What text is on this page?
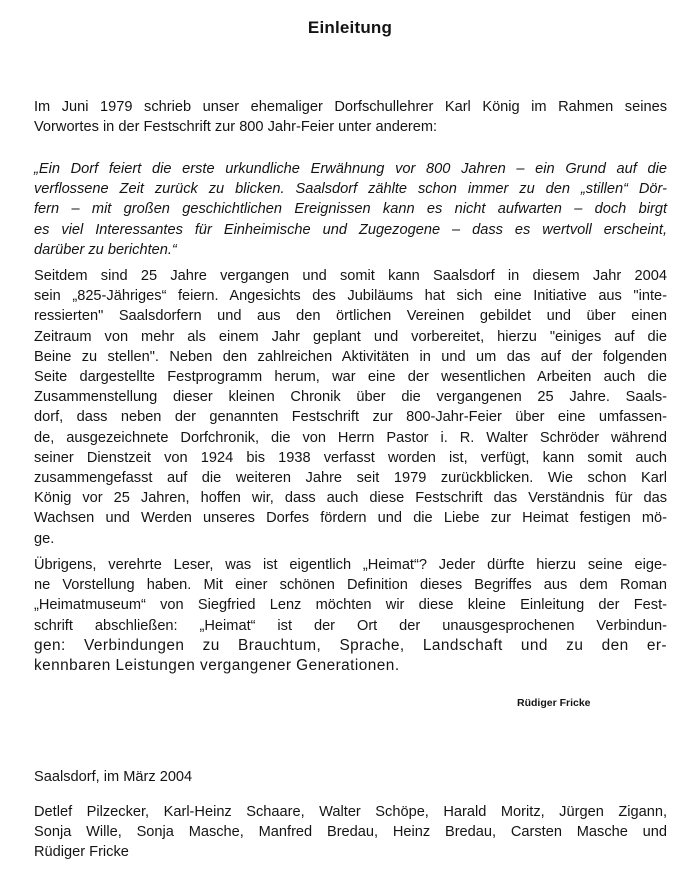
Einleitung
Im Juni 1979 schrieb unser ehemaliger Dorfschullehrer Karl König im Rahmen seines
Vorwortes in der Festschrift zur 800 Jahr-Feier unter anderem:
„Ein Dorf feiert die erste urkundliche Erwähnung vor 800 Jahren – ein Grund auf die
verflossene Zeit zurück zu blicken. Saalsdorf zählte schon immer zu den „stillen“ Dör-
fern – mit großen geschichtlichen Ereignissen kann es nicht aufwarten – doch birgt
es viel Interessantes für Einheimische und Zugezogene – dass es wertvoll erscheint,
darüber zu berichten.“
Seitdem sind 25 Jahre vergangen und somit kann Saalsdorf in diesem Jahr 2004
sein „825-Jähriges“ feiern. Angesichts des Jubiläums hat sich eine Initiative aus "inte-
ressierten" Saalsdorfern und aus den örtlichen Vereinen gebildet und über einen
Zeitraum von mehr als einem Jahr geplant und vorbereitet, hierzu "einiges auf die
Beine zu stellen". Neben den zahlreichen Aktivitäten in und um das auf der folgenden
Seite dargestellte Festprogramm herum, war eine der wesentlichen Arbeiten auch die
Zusammenstellung dieser kleinen Chronik über die vergangenen 25 Jahre. Saals-
dorf, dass neben der genannten Festschrift zur 800-Jahr-Feier über eine umfassen-
de, ausgezeichnete Dorfchronik, die von Herrn Pastor i. R. Walter Schröder während
seiner Dienstzeit von 1924 bis 1938 verfasst worden ist, verfügt, kann somit auch
zusammengefasst auf die weiteren Jahre seit 1979 zurückblicken. Wie schon Karl
König vor 25 Jahren, hoffen wir, dass auch diese Festschrift das Verständnis für das
Wachsen und Werden unseres Dorfes fördern und die Liebe zur Heimat festigen mö-
ge.
Übrigens, verehrte Leser, was ist eigentlich „Heimat“? Jeder dürfte hierzu seine eige-
ne Vorstellung haben. Mit einer schönen Definition dieses Begriffes aus dem Roman
„Heimatmuseum“ von Siegfried Lenz möchten wir diese kleine Einleitung der Fest-
schrift abschließen: „Heimat“ ist der Ort der unausgesprochenen Verbindun-
gen: Verbindungen zu Brauchtum, Sprache, Landschaft und zu den er-
kennbaren Leistungen vergangener Generationen.
Rüdiger Fricke
Saalsdorf, im März 2004
Detlef Pilzecker, Karl-Heinz Schaare, Walter Schöpe, Harald Moritz, Jürgen Zigann,
Sonja Wille, Sonja Masche, Manfred Bredau, Heinz Bredau, Carsten Masche und
Rüdiger Fricke
